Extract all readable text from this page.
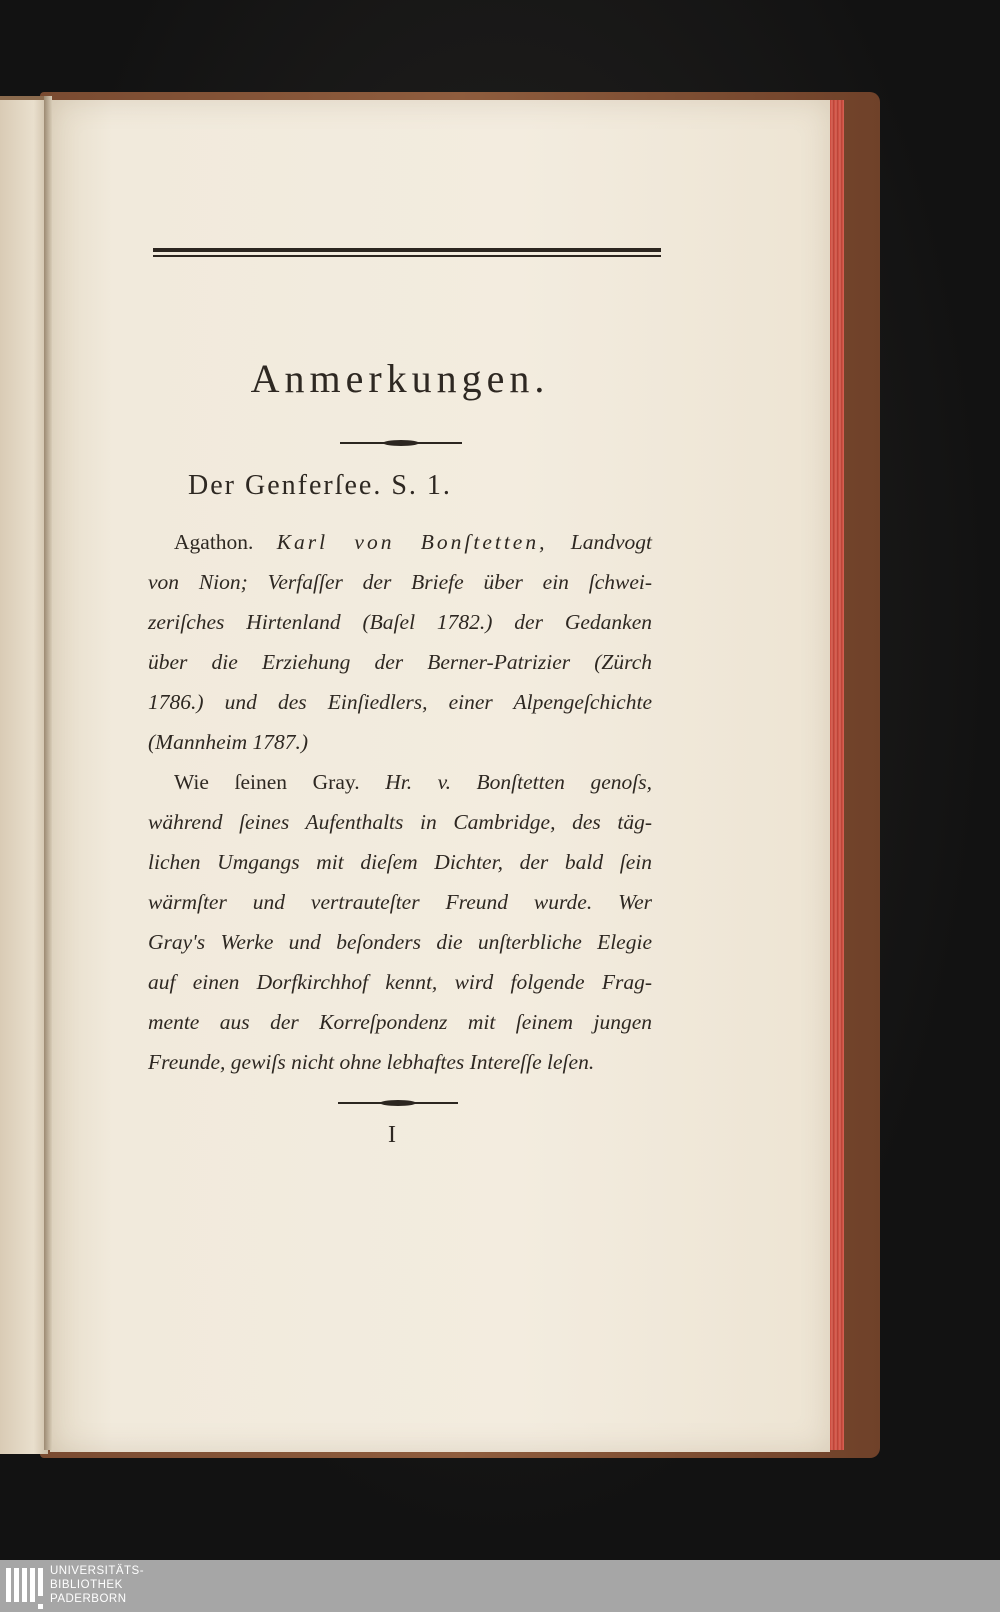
Anmerkungen.
Der Genferſee. S. 1.
Agathon. Karl von Bonſtetten, Landvogt
von Nion; Verfaſſer der Briefe über ein ſchwei-
zeriſches Hirtenland (Baſel 1782.) der Gedanken
über die Erziehung der Berner-Patrizier (Zürch
1786.) und des Einſiedlers, einer Alpengeſchichte
(Mannheim 1787.)
Wie ſeinen Gray. Hr. v. Bonſtetten genoſs,
während ſeines Aufenthalts in Cambridge, des täg-
lichen Umgangs mit dieſem Dichter, der bald ſein
wärmſter und vertrauteſter Freund wurde. Wer
Gray's Werke und beſonders die unſterbliche Elegie
auf einen Dorfkirchhof kennt, wird folgende Frag-
mente aus der Korreſpondenz mit ſeinem jungen
Freunde, gewiſs nicht ohne lebhaftes Intereſſe leſen.
I
UNIVERSITÄTS-
BIBLIOTHEK
PADERBORN
